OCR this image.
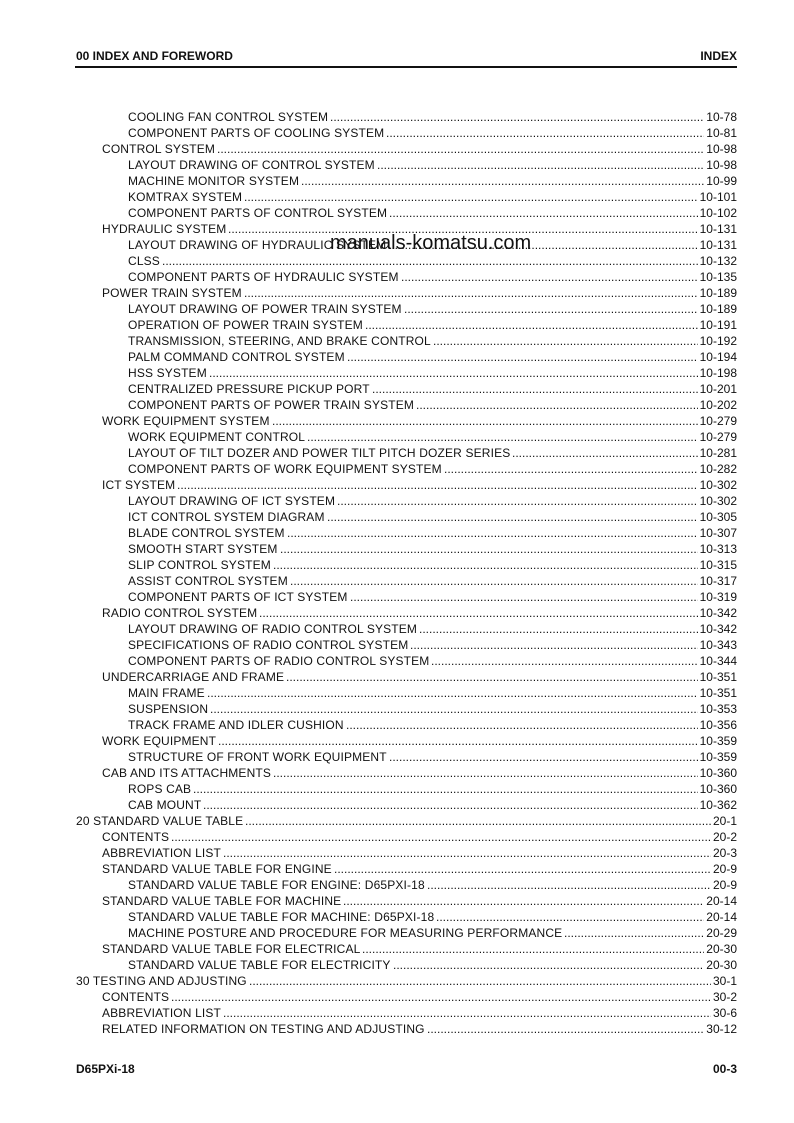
00 INDEX AND FOREWORD	INDEX
COOLING FAN CONTROL SYSTEM .....	10-78
COMPONENT PARTS OF COOLING SYSTEM .....	10-81
CONTROL SYSTEM .....	10-98
LAYOUT DRAWING OF CONTROL SYSTEM .....	10-98
MACHINE MONITOR SYSTEM .....	10-99
KOMTRAX SYSTEM .....	10-101
COMPONENT PARTS OF CONTROL SYSTEM .....	10-102
HYDRAULIC SYSTEM .....	10-131
LAYOUT DRAWING OF HYDRAULIC SYSTEM .....	10-131
CLSS .....	10-132
COMPONENT PARTS OF HYDRAULIC SYSTEM .....	10-135
POWER TRAIN SYSTEM .....	10-189
LAYOUT DRAWING OF POWER TRAIN SYSTEM .....	10-189
OPERATION OF POWER TRAIN SYSTEM .....	10-191
TRANSMISSION, STEERING, AND BRAKE CONTROL .....	10-192
PALM COMMAND CONTROL SYSTEM .....	10-194
HSS SYSTEM .....	10-198
CENTRALIZED PRESSURE PICKUP PORT .....	10-201
COMPONENT PARTS OF POWER TRAIN SYSTEM .....	10-202
WORK EQUIPMENT SYSTEM .....	10-279
WORK EQUIPMENT CONTROL .....	10-279
LAYOUT OF TILT DOZER AND POWER TILT PITCH DOZER SERIES .....	10-281
COMPONENT PARTS OF WORK EQUIPMENT SYSTEM .....	10-282
ICT SYSTEM .....	10-302
LAYOUT DRAWING OF ICT SYSTEM .....	10-302
ICT CONTROL SYSTEM DIAGRAM .....	10-305
BLADE CONTROL SYSTEM .....	10-307
SMOOTH START SYSTEM .....	10-313
SLIP CONTROL SYSTEM .....	10-315
ASSIST CONTROL SYSTEM .....	10-317
COMPONENT PARTS OF ICT SYSTEM .....	10-319
RADIO CONTROL SYSTEM .....	10-342
LAYOUT DRAWING OF RADIO CONTROL SYSTEM .....	10-342
SPECIFICATIONS OF RADIO CONTROL SYSTEM .....	10-343
COMPONENT PARTS OF RADIO CONTROL SYSTEM .....	10-344
UNDERCARRIAGE AND FRAME .....	10-351
MAIN FRAME .....	10-351
SUSPENSION .....	10-353
TRACK FRAME AND IDLER CUSHION .....	10-356
WORK EQUIPMENT .....	10-359
STRUCTURE OF FRONT WORK EQUIPMENT .....	10-359
CAB AND ITS ATTACHMENTS .....	10-360
ROPS CAB .....	10-360
CAB MOUNT .....	10-362
20 STANDARD VALUE TABLE .....	20-1
CONTENTS .....	20-2
ABBREVIATION LIST .....	20-3
STANDARD VALUE TABLE FOR ENGINE .....	20-9
STANDARD VALUE TABLE FOR ENGINE: D65PXI-18 .....	20-9
STANDARD VALUE TABLE FOR MACHINE .....	20-14
STANDARD VALUE TABLE FOR MACHINE: D65PXI-18 .....	20-14
MACHINE POSTURE AND PROCEDURE FOR MEASURING PERFORMANCE .....	20-29
STANDARD VALUE TABLE FOR ELECTRICAL .....	20-30
STANDARD VALUE TABLE FOR ELECTRICITY .....	20-30
30 TESTING AND ADJUSTING .....	30-1
CONTENTS .....	30-2
ABBREVIATION LIST .....	30-6
RELATED INFORMATION ON TESTING AND ADJUSTING .....	30-12
manuals-komatsu.com
D65PXi-18	00-3
